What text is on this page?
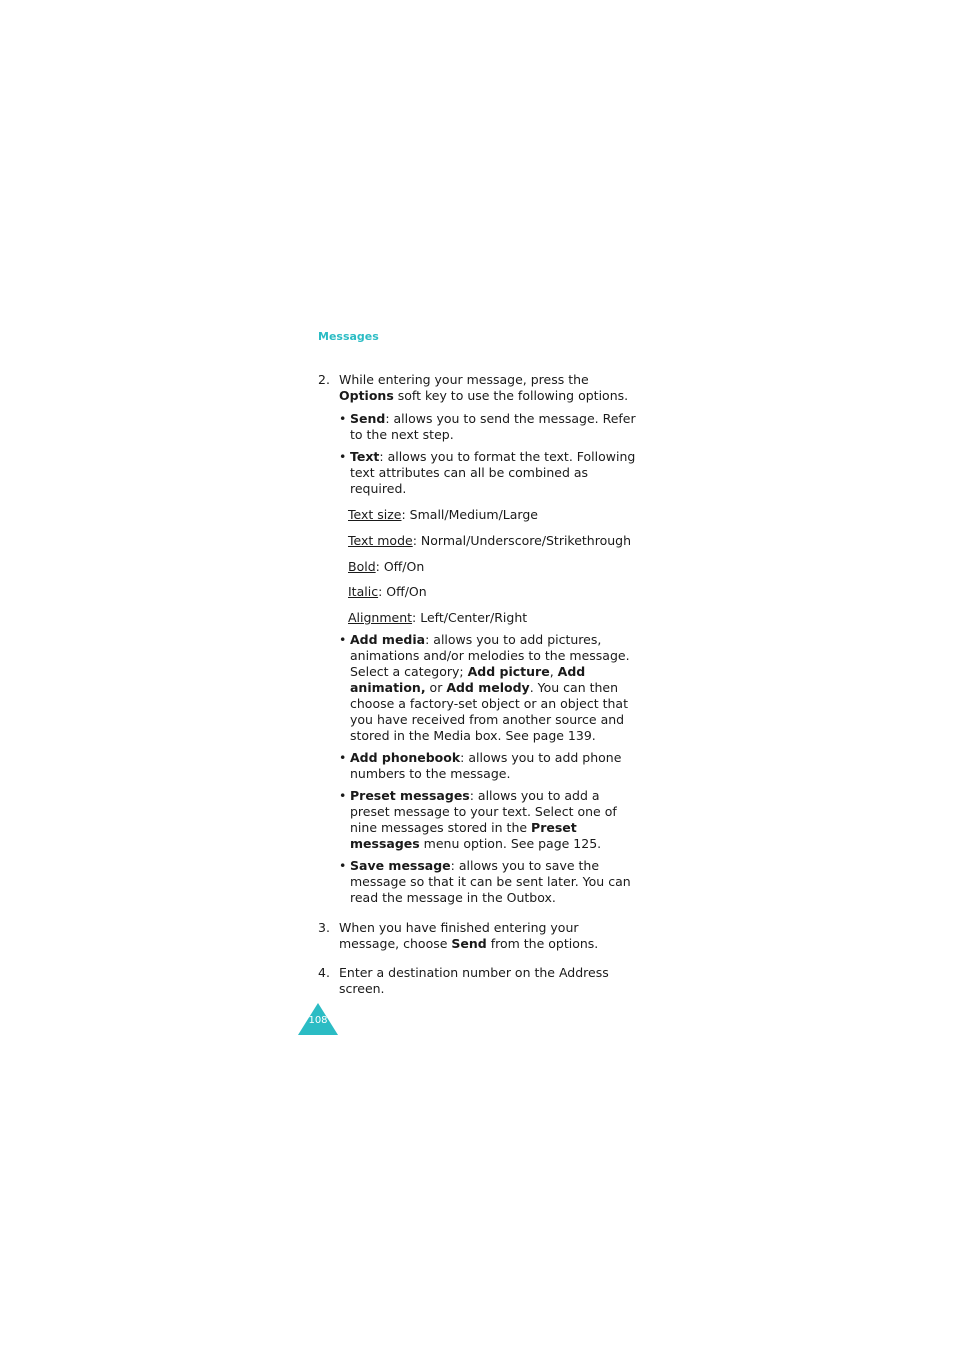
Messages
2. While entering your message, press the
Options soft key to use the following options.
• Send: allows you to send the message. Refer to the next step.
• Text: allows you to format the text. Following text attributes can all be combined as required.
Text size: Small/Medium/Large
Text mode: Normal/Underscore/Strikethrough
Bold: Off/On
Italic: Off/On
Alignment: Left/Center/Right
• Add media: allows you to add pictures, animations and/or melodies to the message. Select a category; Add picture, Add animation, or Add melody. You can then choose a factory-set object or an object that you have received from another source and stored in the Media box. See page 139.
• Add phonebook: allows you to add phone numbers to the message.
• Preset messages: allows you to add a preset message to your text. Select one of nine messages stored in the Preset messages menu option. See page 125.
• Save message: allows you to save the message so that it can be sent later. You can read the message in the Outbox.
3. When you have finished entering your message, choose Send from the options.
4. Enter a destination number on the Address screen.
108
